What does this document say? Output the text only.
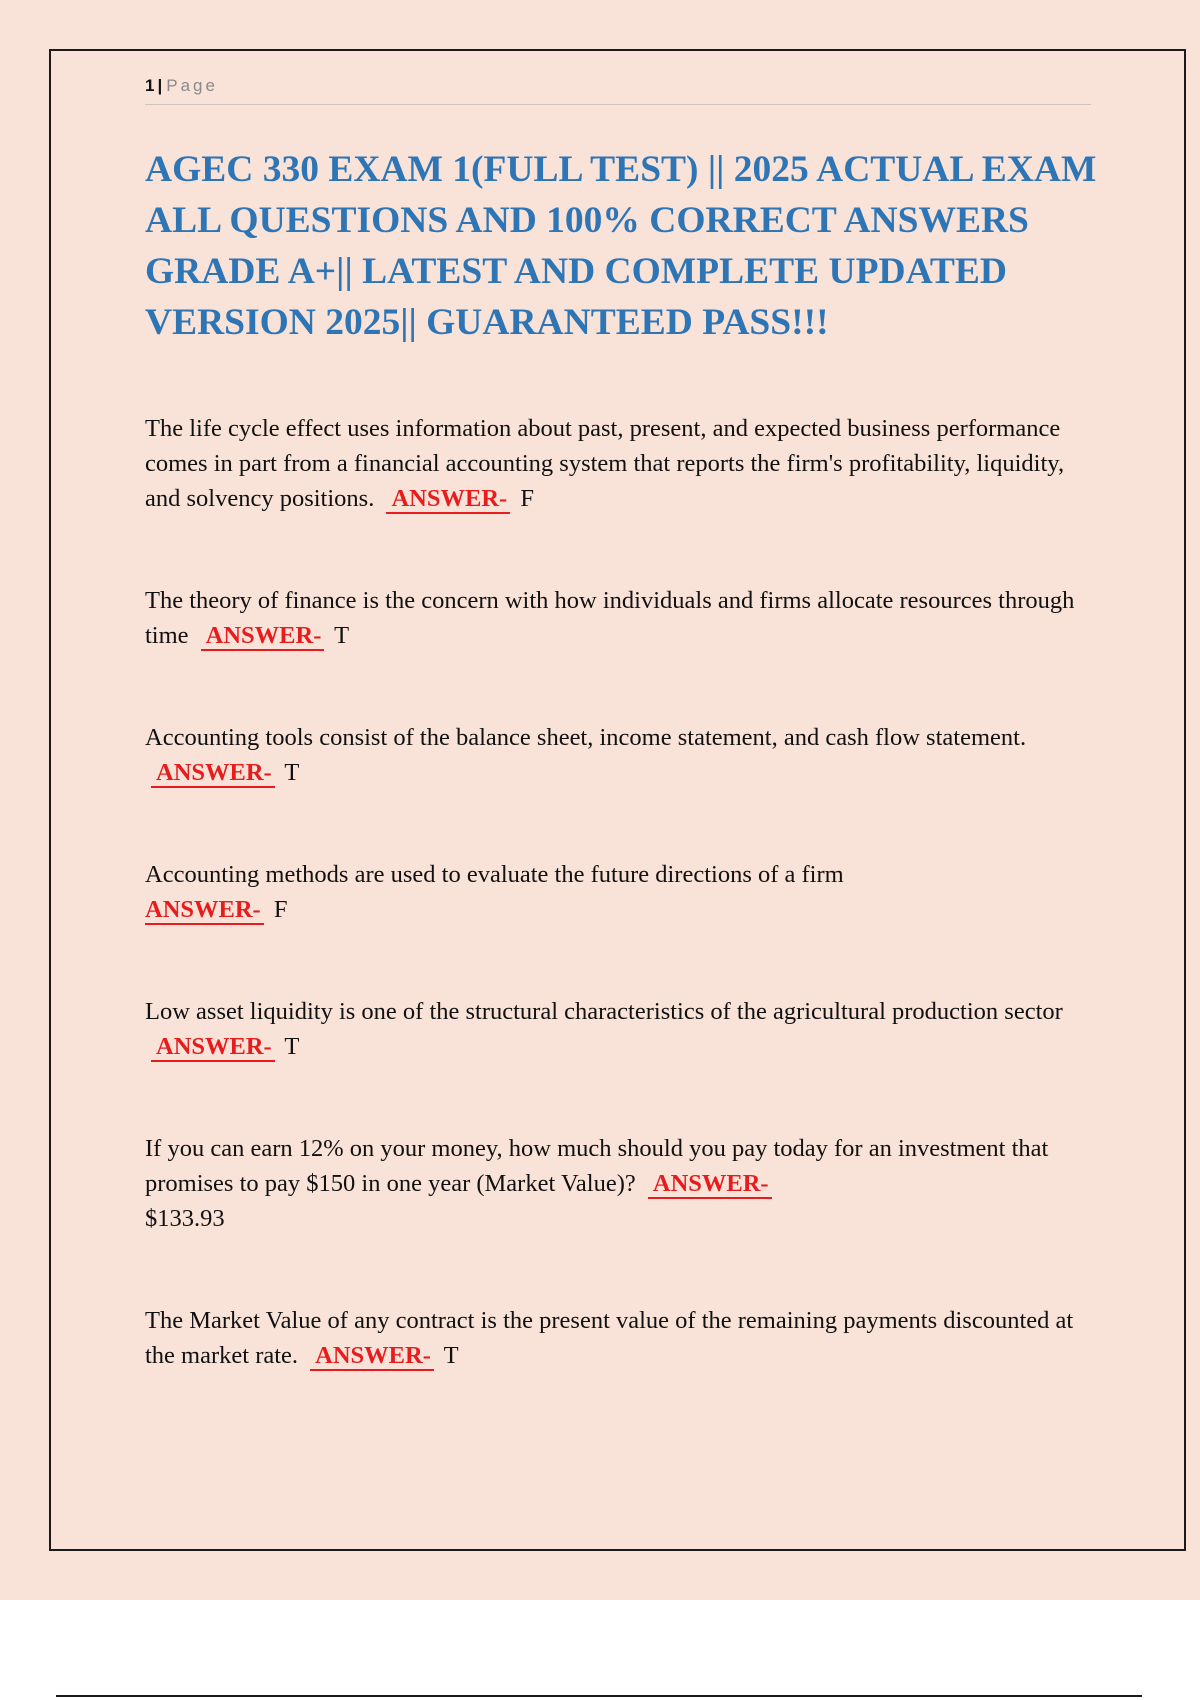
1 | Page
AGEC 330 EXAM 1(FULL TEST) || 2025 ACTUAL EXAM ALL QUESTIONS AND 100% CORRECT ANSWERS GRADE A+|| LATEST AND COMPLETE UPDATED VERSION 2025|| GUARANTEED PASS!!!

The life cycle effect uses information about past, present, and expected business performance comes in part from a financial accounting system that reports the firm's profitability, liquidity, and solvency positions. ANSWER- F

The theory of finance is the concern with how individuals and firms allocate resources through time ANSWER- T

Accounting tools consist of the balance sheet, income statement, and cash flow statement. ANSWER- T

Accounting methods are used to evaluate the future directions of a firm
ANSWER- F

Low asset liquidity is one of the structural characteristics of the agricultural production sector ANSWER- T

If you can earn 12% on your money, how much should you pay today for an investment that promises to pay $150 in one year (Market Value)? ANSWER-
$133.93

The Market Value of any contract is the present value of the remaining payments discounted at the market rate. ANSWER- T
